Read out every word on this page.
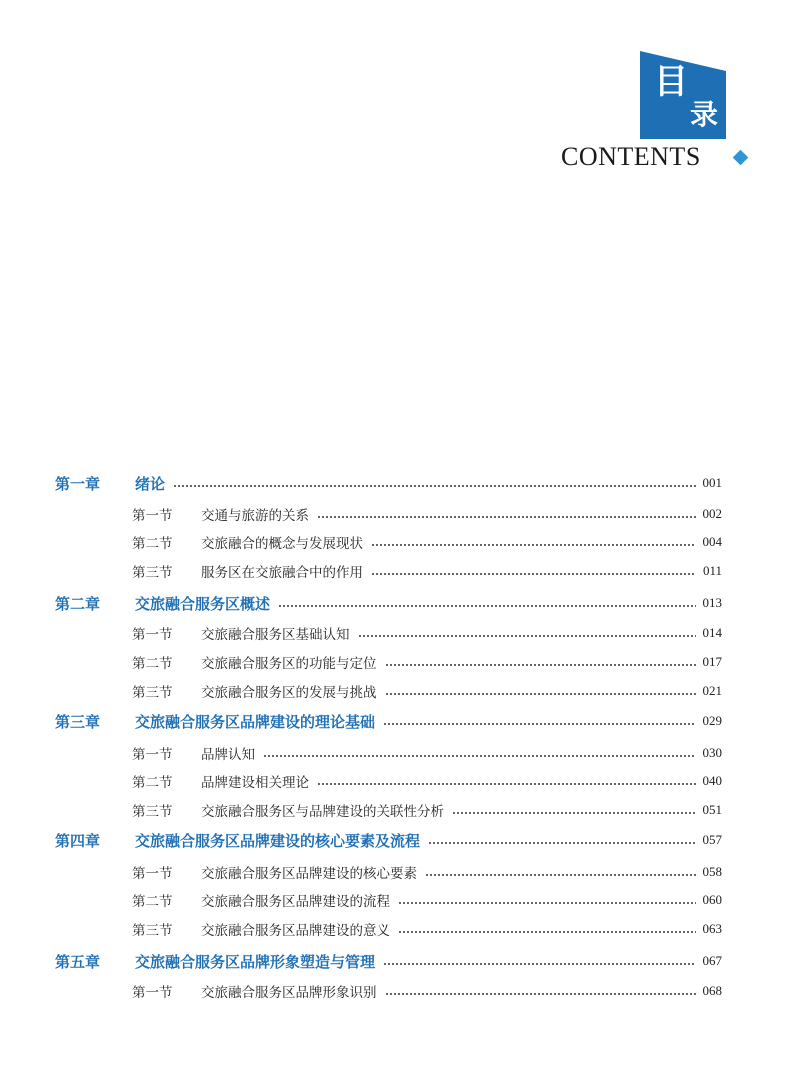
目
录
CONTENTS
第一章	绪论	001
第一节	交通与旅游的关系	002
第二节	交旅融合的概念与发展现状	004
第三节	服务区在交旅融合中的作用	011
第二章	交旅融合服务区概述	013
第一节	交旅融合服务区基础认知	014
第二节	交旅融合服务区的功能与定位	017
第三节	交旅融合服务区的发展与挑战	021
第三章	交旅融合服务区品牌建设的理论基础	029
第一节	品牌认知	030
第二节	品牌建设相关理论	040
第三节	交旅融合服务区与品牌建设的关联性分析	051
第四章	交旅融合服务区品牌建设的核心要素及流程	057
第一节	交旅融合服务区品牌建设的核心要素	058
第二节	交旅融合服务区品牌建设的流程	060
第三节	交旅融合服务区品牌建设的意义	063
第五章	交旅融合服务区品牌形象塑造与管理	067
第一节	交旅融合服务区品牌形象识别	068
